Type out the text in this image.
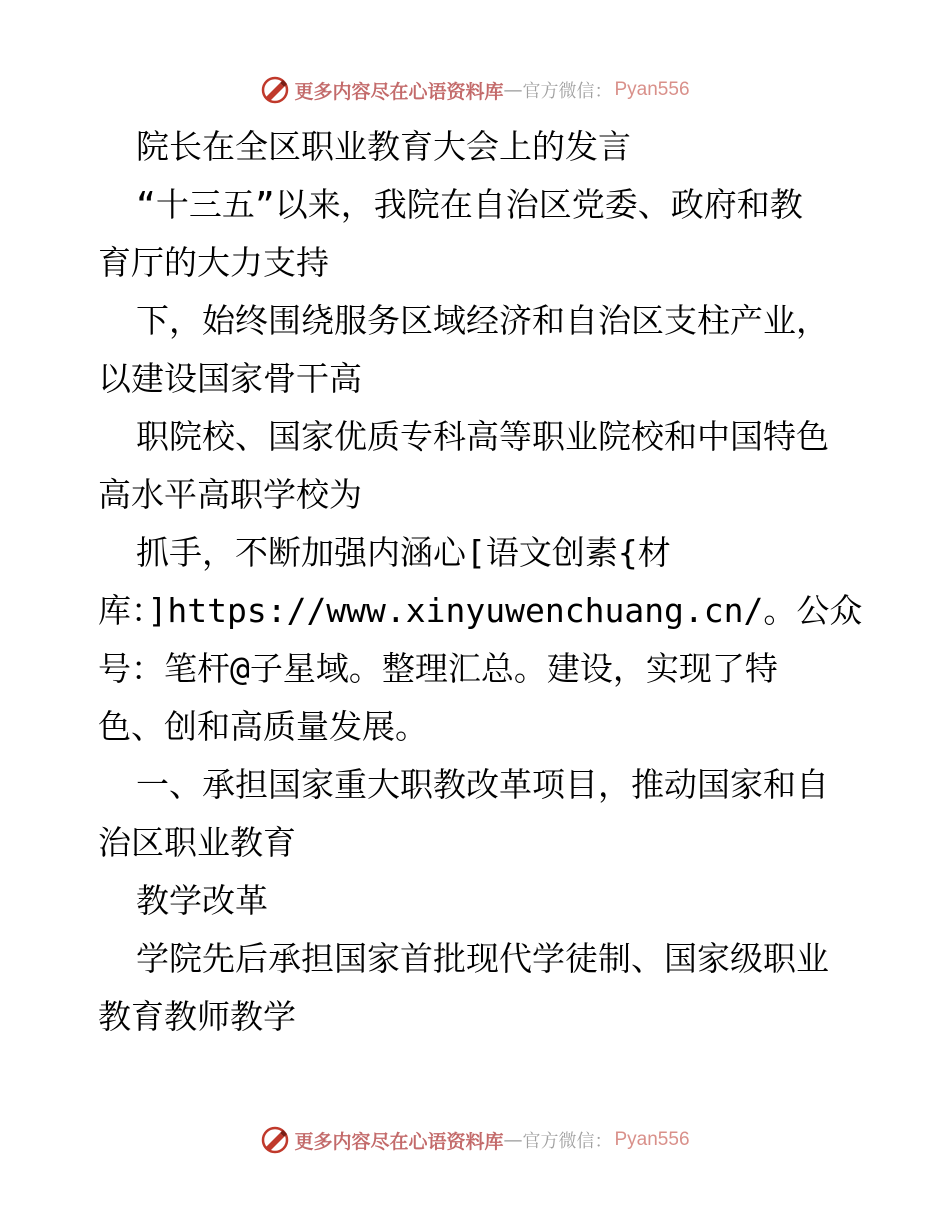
更多内容尽在心语资料库 — 官方微信： Pyan556
院长在全区职业教育大会上的发言
“十三五”以来，我院在自治区党委、政府和教
育厅的大力支持
下，始终围绕服务区域经济和自治区支柱产业，
以建设国家骨干高
职院校、国家优质专科高等职业院校和中国特色
高水平高职学校为
抓手，不断加强内涵心[语文创素{材
库：]https://www.xinyuwenchuang.cn/。公众
号：笔杆@子星域。整理汇总。建设，实现了特
色、创和高质量发展。
一、承担国家重大职教改革项目，推动国家和自
治区职业教育
教学改革
学院先后承担国家首批现代学徒制、国家级职业
教育教师教学
更多内容尽在心语资料库 — 官方微信： Pyan556
